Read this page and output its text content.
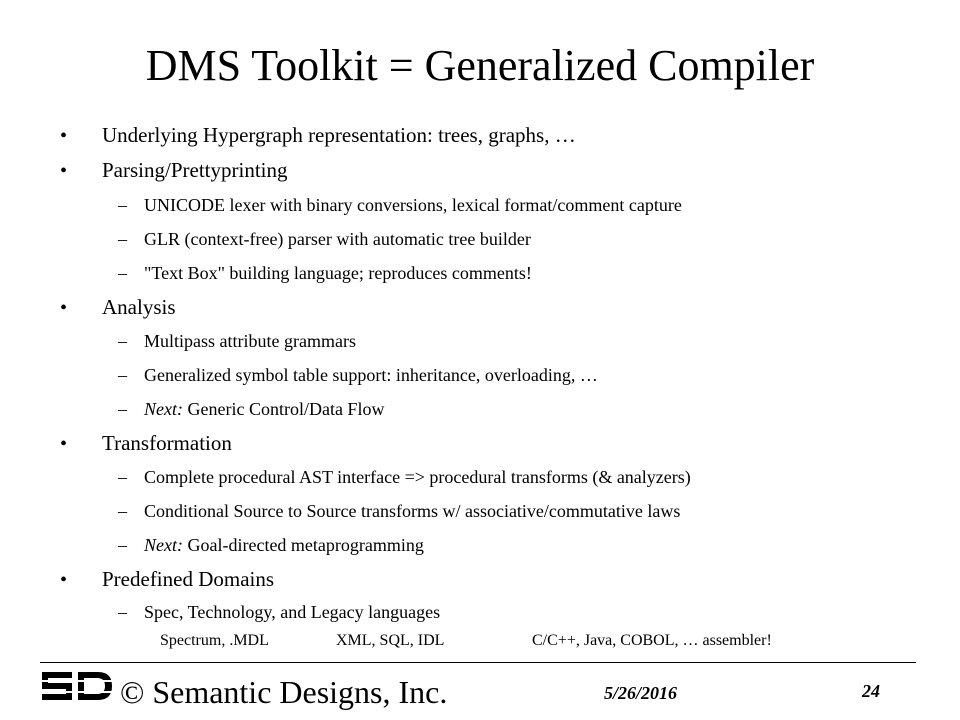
DMS Toolkit = Generalized Compiler
• Underlying Hypergraph representation: trees, graphs, …
• Parsing/Prettyprinting
– UNICODE lexer with binary conversions, lexical format/comment capture
– GLR (context-free) parser with automatic tree builder
– "Text Box" building language; reproduces comments!
• Analysis
– Multipass attribute grammars
– Generalized symbol table support: inheritance, overloading, …
– Next: Generic Control/Data Flow
• Transformation
– Complete procedural AST interface => procedural transforms (& analyzers)
– Conditional Source to Source transforms w/ associative/commutative laws
– Next: Goal-directed metaprogramming
• Predefined Domains
– Spec, Technology, and Legacy languages
Spectrum, .MDL	XML, SQL, IDL	C/C++, Java, COBOL, … assembler!
© Semantic Designs, Inc.	5/26/2016	24
